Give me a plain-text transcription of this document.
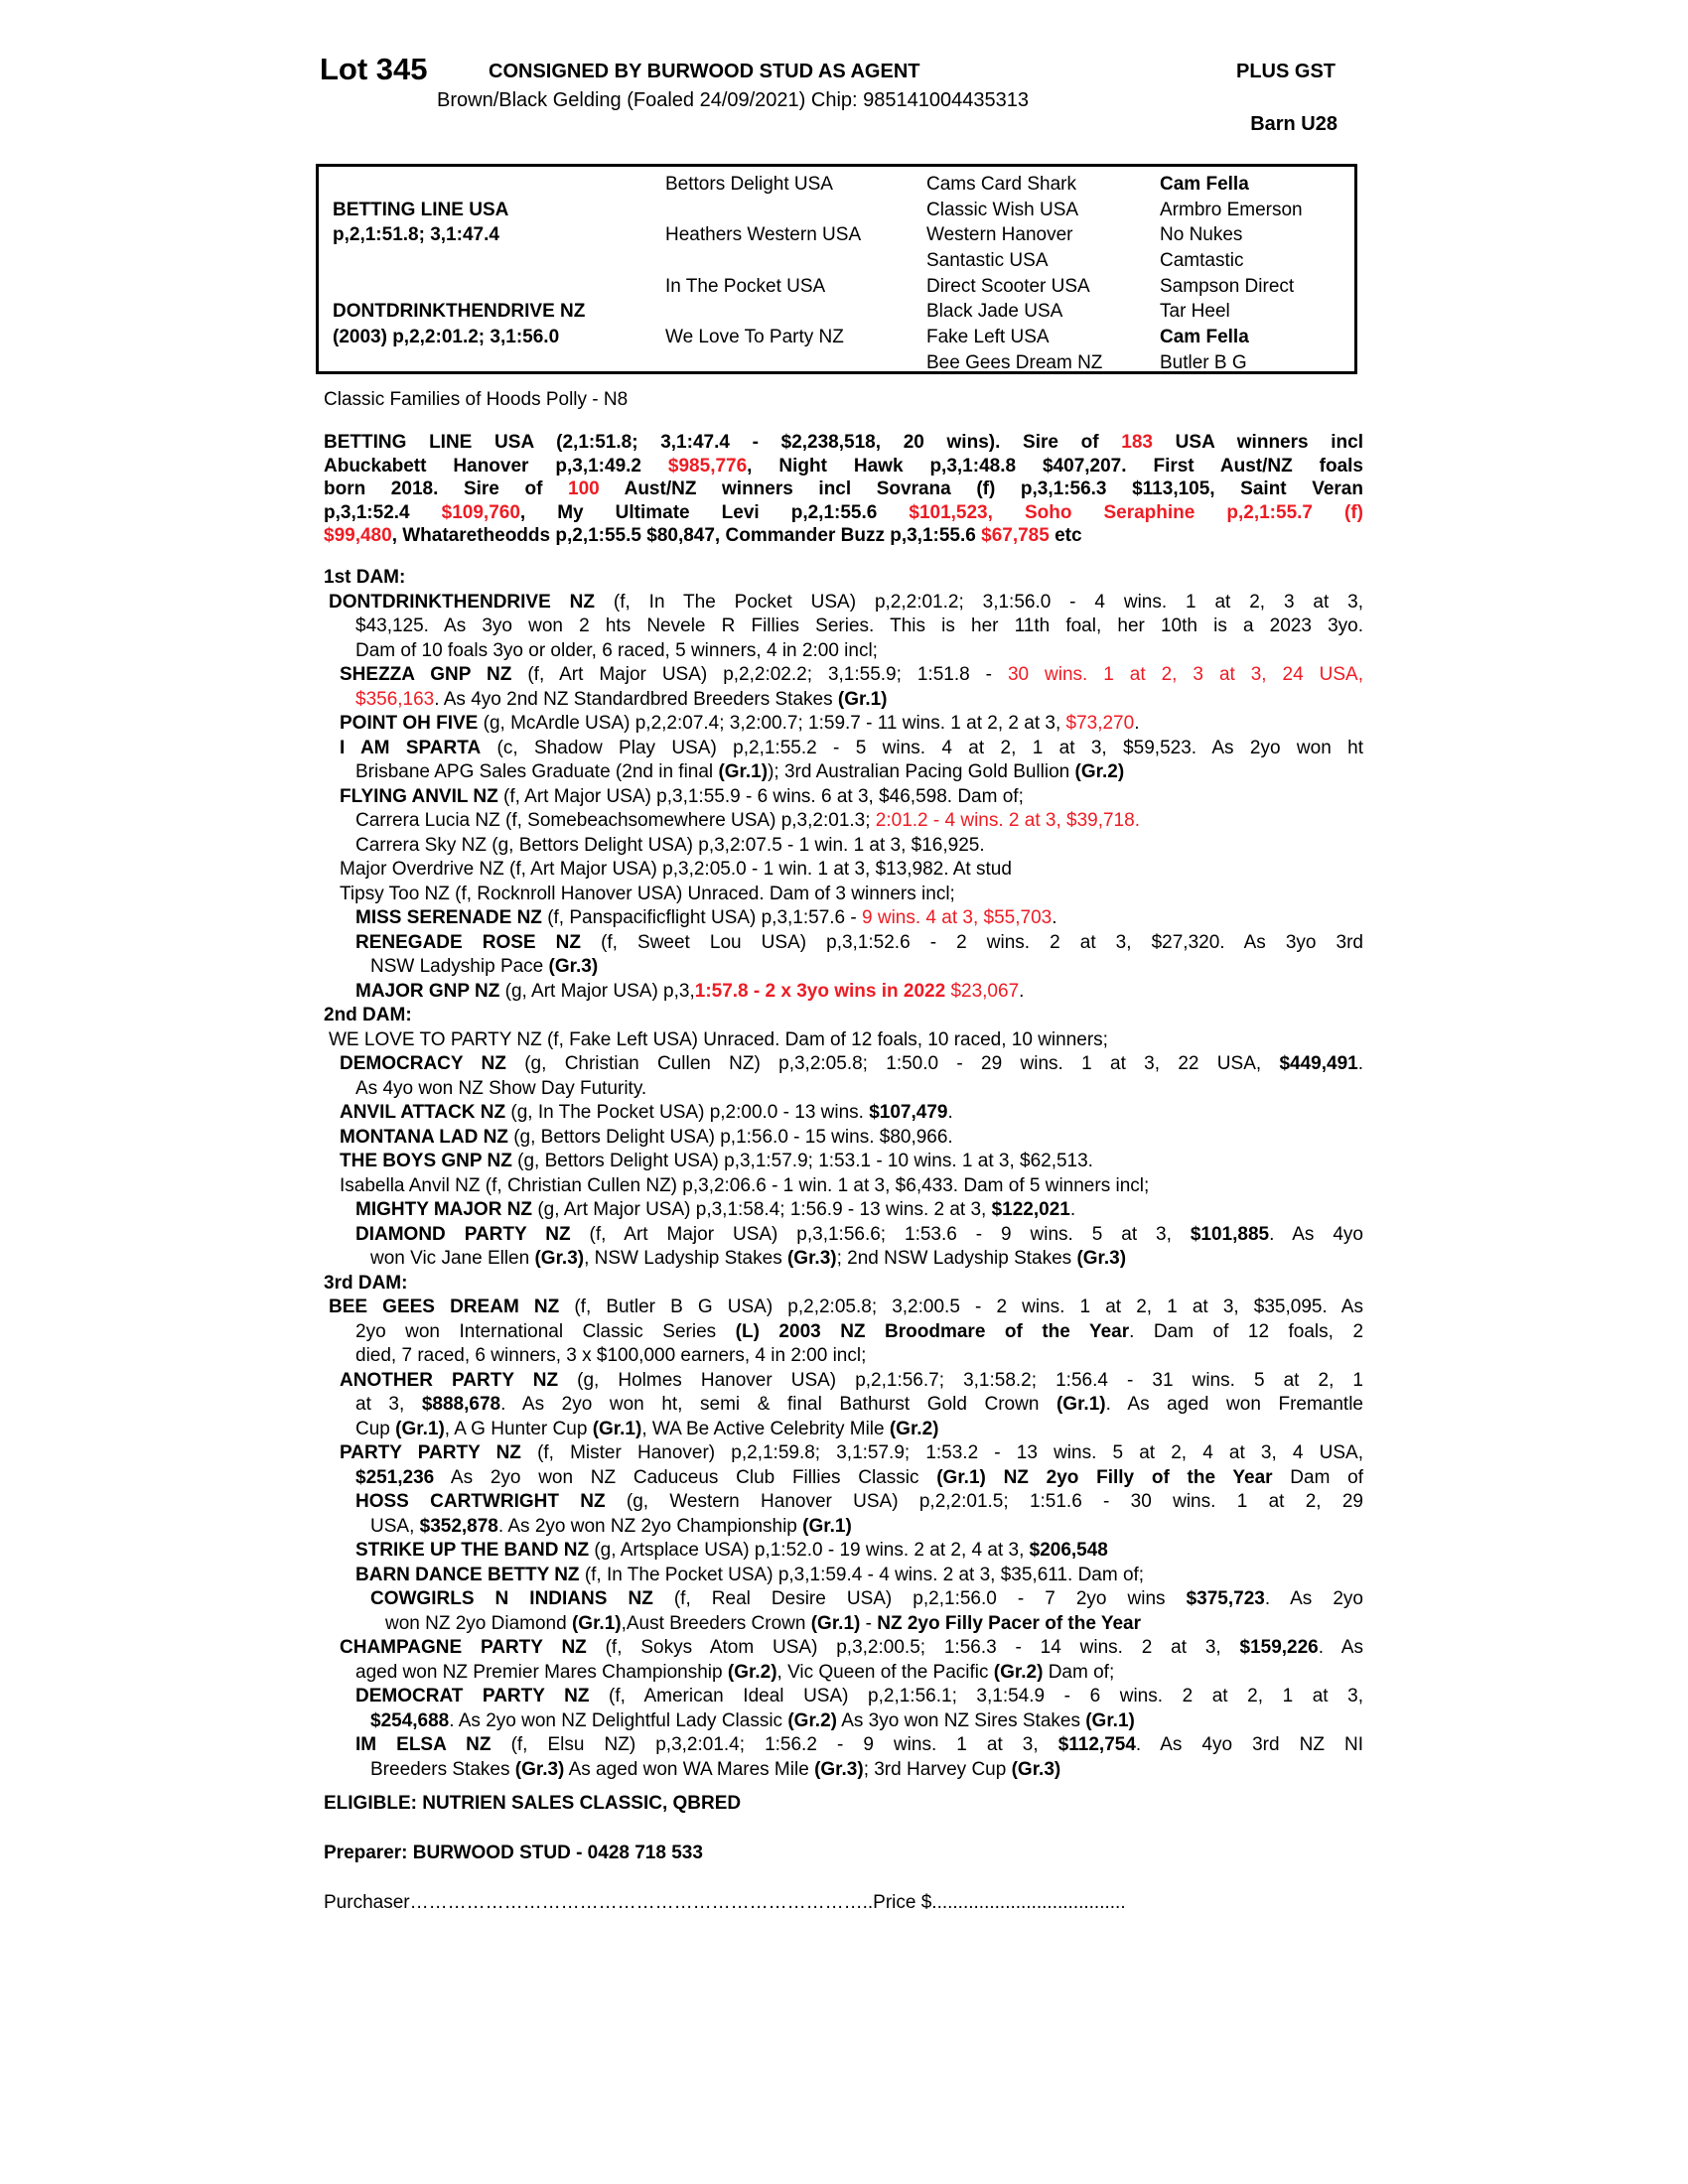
Lot 345	CONSIGNED BY BURWOOD STUD AS AGENT	PLUS GST
Brown/Black Gelding (Foaled 24/09/2021) Chip: 985141004435313
Barn U28

BETTING LINE USA
p,2,1:51.8; 3,1:47.4

DONTDRINKTHENDRIVE NZ
(2003) p,2,2:01.2; 3,1:56.0

Bettors Delight USA

Heathers Western USA

In The Pocket USA

We Love To Party NZ

Cams Card Shark
Classic Wish USA
Western Hanover
Santastic USA
Direct Scooter USA
Black Jade USA
Fake Left USA
Bee Gees Dream NZ
Cam Fella
Armbro Emerson
No Nukes
Camtastic
Sampson Direct
Tar Heel
Cam Fella
Butler B G
Classic Families of Hoods Polly - N8
BETTING LINE USA (2,1:51.8; 3,1:47.4 - $2,238,518, 20 wins). Sire of 183 USA winners incl
Abuckabett Hanover p,3,1:49.2 $985,776, Night Hawk p,3,1:48.8 $407,207. First Aust/NZ foals
born 2018. Sire of 100 Aust/NZ winners incl Sovrana (f) p,3,1:56.3 $113,105, Saint Veran
p,3,1:52.4 $109,760, My Ultimate Levi p,2,1:55.6 $101,523, Soho Seraphine p,2,1:55.7 (f)
$99,480, Whataretheodds p,2,1:55.5 $80,847, Commander Buzz p,3,1:55.6 $67,785 etc
1st DAM:
DONTDRINKTHENDRIVE NZ (f, In The Pocket USA) p,2,2:01.2; 3,1:56.0 - 4 wins. 1 at 2, 3 at 3,
$43,125. As 3yo won 2 hts Nevele R Fillies Series. This is her 11th foal, her 10th is a 2023 3yo.
Dam of 10 foals 3yo or older, 6 raced, 5 winners, 4 in 2:00 incl;
SHEZZA GNP NZ (f, Art Major USA) p,2,2:02.2; 3,1:55.9; 1:51.8 - 30 wins. 1 at 2, 3 at 3, 24 USA,
$356,163. As 4yo 2nd NZ Standardbred Breeders Stakes (Gr.1)
POINT OH FIVE (g, McArdle USA) p,2,2:07.4; 3,2:00.7; 1:59.7 - 11 wins. 1 at 2, 2 at 3, $73,270.
I AM SPARTA (c, Shadow Play USA) p,2,1:55.2 - 5 wins. 4 at 2, 1 at 3, $59,523. As 2yo won ht
Brisbane APG Sales Graduate (2nd in final (Gr.1)); 3rd Australian Pacing Gold Bullion (Gr.2)
FLYING ANVIL NZ (f, Art Major USA) p,3,1:55.9 - 6 wins. 6 at 3, $46,598. Dam of;
Carrera Lucia NZ (f, Somebeachsomewhere USA) p,3,2:01.3; 2:01.2 - 4 wins. 2 at 3, $39,718.
Carrera Sky NZ (g, Bettors Delight USA) p,3,2:07.5 - 1 win. 1 at 3, $16,925.
Major Overdrive NZ (f, Art Major USA) p,3,2:05.0 - 1 win. 1 at 3, $13,982. At stud
Tipsy Too NZ (f, Rocknroll Hanover USA) Unraced. Dam of 3 winners incl;
MISS SERENADE NZ (f, Panspacificflight USA) p,3,1:57.6 - 9 wins. 4 at 3, $55,703.
RENEGADE ROSE NZ (f, Sweet Lou USA) p,3,1:52.6 - 2 wins. 2 at 3, $27,320. As 3yo 3rd
NSW Ladyship Pace (Gr.3)
MAJOR GNP NZ (g, Art Major USA) p,3,1:57.8 - 2 x 3yo wins in 2022 $23,067.
2nd DAM:
WE LOVE TO PARTY NZ (f, Fake Left USA) Unraced. Dam of 12 foals, 10 raced, 10 winners;
DEMOCRACY NZ (g, Christian Cullen NZ) p,3,2:05.8; 1:50.0 - 29 wins. 1 at 3, 22 USA, $449,491.
As 4yo won NZ Show Day Futurity.
ANVIL ATTACK NZ (g, In The Pocket USA) p,2:00.0 - 13 wins. $107,479.
MONTANA LAD NZ (g, Bettors Delight USA) p,1:56.0 - 15 wins. $80,966.
THE BOYS GNP NZ (g, Bettors Delight USA) p,3,1:57.9; 1:53.1 - 10 wins. 1 at 3, $62,513.
Isabella Anvil NZ (f, Christian Cullen NZ) p,3,2:06.6 - 1 win. 1 at 3, $6,433. Dam of 5 winners incl;
MIGHTY MAJOR NZ (g, Art Major USA) p,3,1:58.4; 1:56.9 - 13 wins. 2 at 3, $122,021.
DIAMOND PARTY NZ (f, Art Major USA) p,3,1:56.6; 1:53.6 - 9 wins. 5 at 3, $101,885. As 4yo
won Vic Jane Ellen (Gr.3), NSW Ladyship Stakes (Gr.3); 2nd NSW Ladyship Stakes (Gr.3)
3rd DAM:
BEE GEES DREAM NZ (f, Butler B G USA) p,2,2:05.8; 3,2:00.5 - 2 wins. 1 at 2, 1 at 3, $35,095. As
2yo won International Classic Series (L) 2003 NZ Broodmare of the Year. Dam of 12 foals, 2
died, 7 raced, 6 winners, 3 x $100,000 earners, 4 in 2:00 incl;
ANOTHER PARTY NZ (g, Holmes Hanover USA) p,2,1:56.7; 3,1:58.2; 1:56.4 - 31 wins. 5 at 2, 1
at 3, $888,678. As 2yo won ht, semi & final Bathurst Gold Crown (Gr.1). As aged won Fremantle
Cup (Gr.1), A G Hunter Cup (Gr.1), WA Be Active Celebrity Mile (Gr.2)
PARTY PARTY NZ (f, Mister Hanover) p,2,1:59.8; 3,1:57.9; 1:53.2 - 13 wins. 5 at 2, 4 at 3, 4 USA,
$251,236 As 2yo won NZ Caduceus Club Fillies Classic (Gr.1) NZ 2yo Filly of the Year Dam of
HOSS CARTWRIGHT NZ (g, Western Hanover USA) p,2,2:01.5; 1:51.6 - 30 wins. 1 at 2, 29
USA, $352,878. As 2yo won NZ 2yo Championship (Gr.1)
STRIKE UP THE BAND NZ (g, Artsplace USA) p,1:52.0 - 19 wins. 2 at 2, 4 at 3, $206,548
BARN DANCE BETTY NZ (f, In The Pocket USA) p,3,1:59.4 - 4 wins. 2 at 3, $35,611. Dam of;
COWGIRLS N INDIANS NZ (f, Real Desire USA) p,2,1:56.0 - 7 2yo wins $375,723. As 2yo
won NZ 2yo Diamond (Gr.1),Aust Breeders Crown (Gr.1) - NZ 2yo Filly Pacer of the Year
CHAMPAGNE PARTY NZ (f, Sokys Atom USA) p,3,2:00.5; 1:56.3 - 14 wins. 2 at 3, $159,226. As
aged won NZ Premier Mares Championship (Gr.2), Vic Queen of the Pacific (Gr.2) Dam of;
DEMOCRAT PARTY NZ (f, American Ideal USA) p,2,1:56.1; 3,1:54.9 - 6 wins. 2 at 2, 1 at 3,
$254,688. As 2yo won NZ Delightful Lady Classic (Gr.2) As 3yo won NZ Sires Stakes (Gr.1)
IM ELSA NZ (f, Elsu NZ) p,3,2:01.4; 1:56.2 - 9 wins. 1 at 3, $112,754. As 4yo 3rd NZ NI
Breeders Stakes (Gr.3) As aged won WA Mares Mile (Gr.3); 3rd Harvey Cup (Gr.3)
ELIGIBLE: NUTRIEN SALES CLASSIC, QBRED
Preparer: BURWOOD STUD - 0428 718 533
Purchaser………………………………………………………………..Price $.....................................
